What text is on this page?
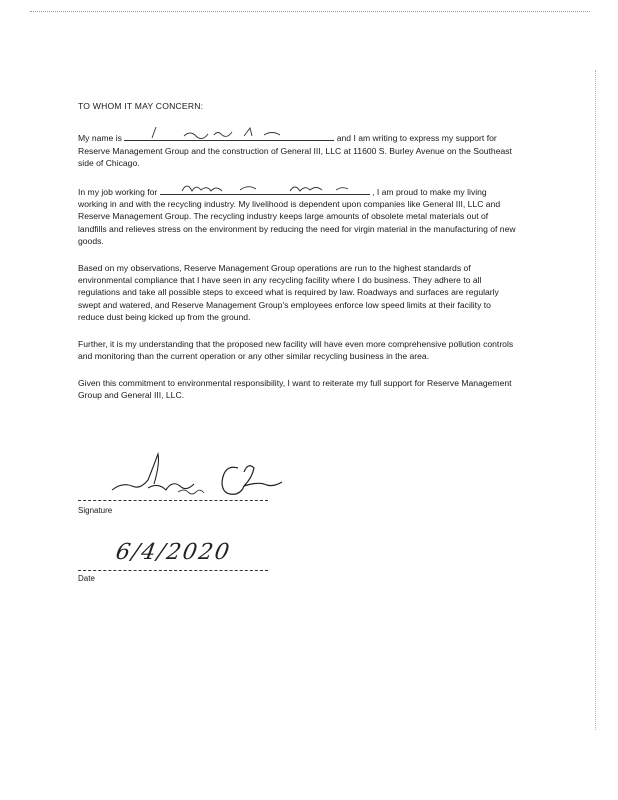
TO WHOM IT MAY CONCERN:

My name is	and I am writing to express my support for Reserve Management Group and the construction of General III, LLC at 11600 S. Burley Avenue on the Southeast side of Chicago.

In my job working for	, I am proud to make my living working in and with the recycling industry. My livelihood is dependent upon companies like General III, LLC and Reserve Management Group. The recycling industry keeps large amounts of obsolete metal materials out of landfills and relieves stress on the environment by reducing the need for virgin material in the manufacturing of new goods.

Based on my observations, Reserve Management Group operations are run to the highest standards of environmental compliance that I have seen in any recycling facility where I do business. They adhere to all regulations and take all possible steps to exceed what is required by law. Roadways and surfaces are regularly swept and watered, and Reserve Management Group's employees enforce low speed limits at their facility to reduce dust being kicked up from the ground.

Further, it is my understanding that the proposed new facility will have even more comprehensive pollution controls and monitoring than the current operation or any other similar recycling business in the area.

Given this commitment to environmental responsibility, I want to reiterate my full support for Reserve Management Group and General III, LLC.

Signature
6/4/2020
Date
